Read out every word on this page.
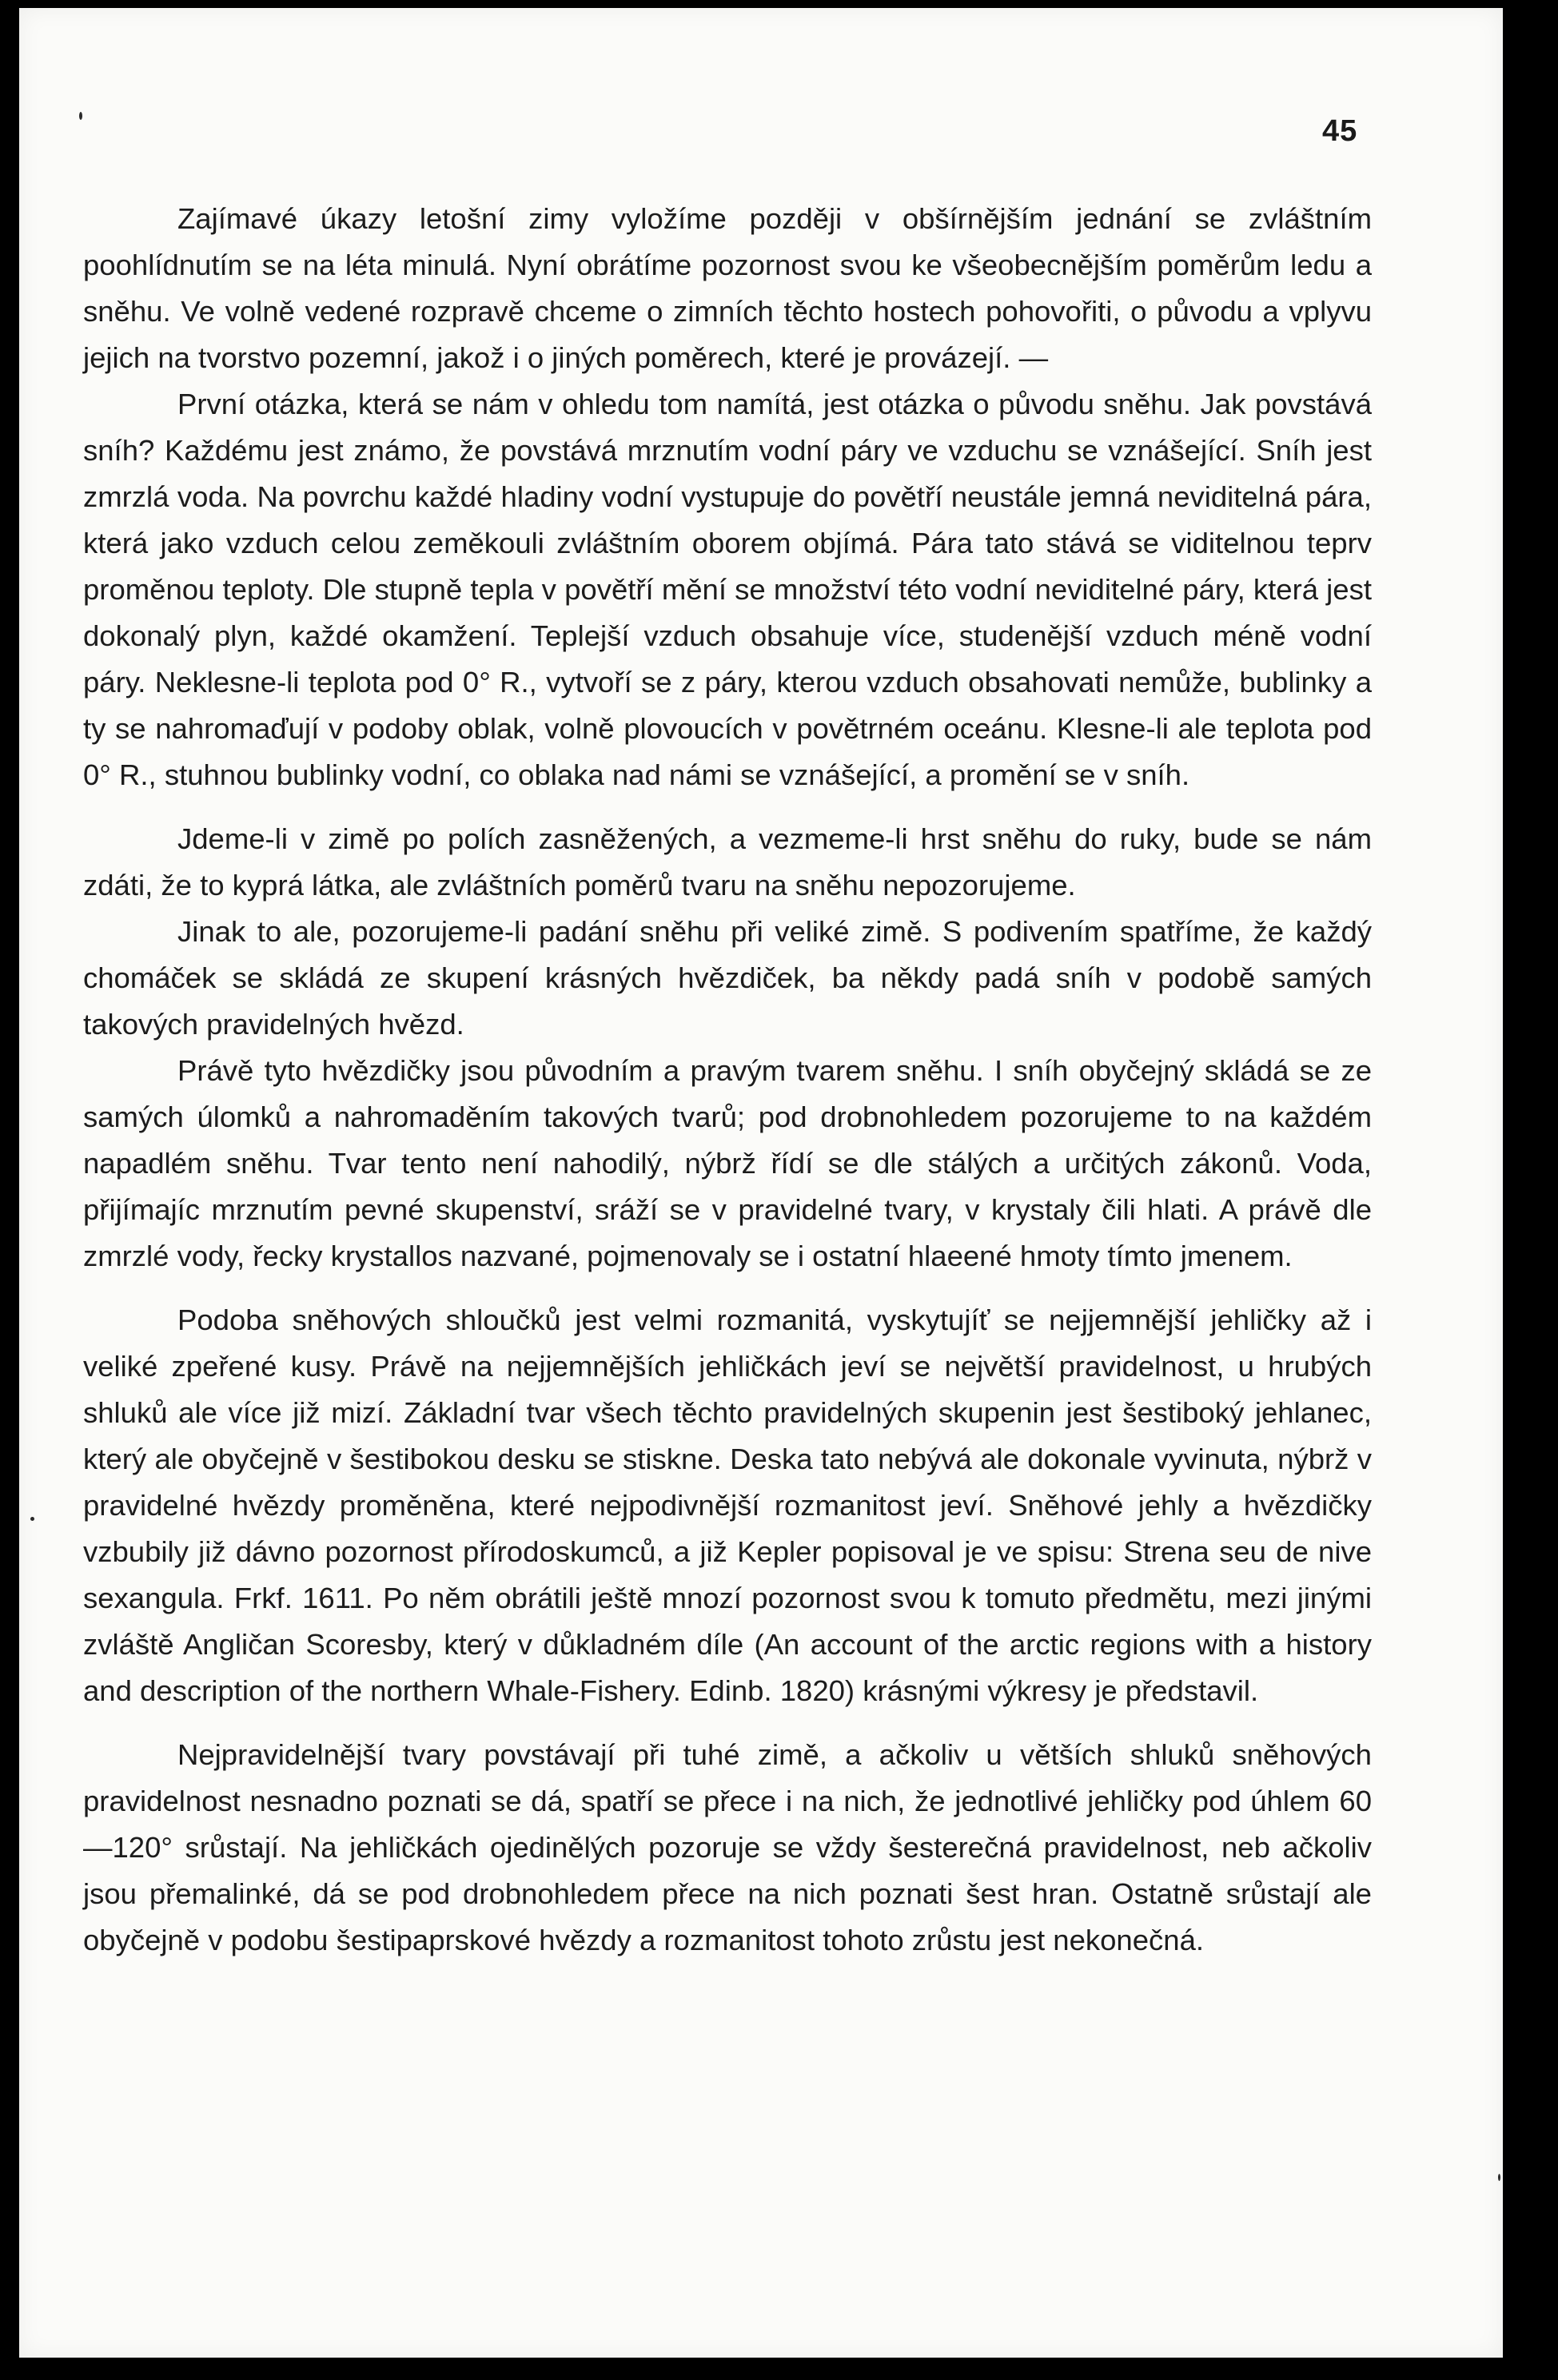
45

Zajímavé úkazy letošní zimy vyložíme později v obšírnějším jednání se zvláštním poohlídnutím se na léta minulá. Nyní obrátíme pozornost svou ke všeobecnějším poměrům ledu a sněhu. Ve volně vedené rozpravě chceme o zimních těchto hostech pohovořiti, o původu a vplyvu jejich na tvorstvo pozemní, jakož i o jiných poměrech, které je provázejí. —

První otázka, která se nám v ohledu tom namítá, jest otázka o původu sněhu. Jak povstává sníh? Každému jest známo, že povstává mrznutím vodní páry ve vzduchu se vznášející. Sníh jest zmrzlá voda. Na povrchu každé hladiny vodní vystupuje do povětří neustále jemná neviditelná pára, která jako vzduch celou zeměkouli zvláštním oborem objímá. Pára tato stává se viditelnou teprv proměnou teploty. Dle stupně tepla v povětří mění se množství této vodní neviditelné páry, která jest dokonalý plyn, každé okamžení. Teplejší vzduch obsahuje více, studenější vzduch méně vodní páry. Neklesne-li teplota pod 0° R., vytvoří se z páry, kterou vzduch obsahovati nemůže, bublinky a ty se nahromaďují v podoby oblak, volně plovoucích v povětrném oceánu. Klesne-li ale teplota pod 0° R., stuhnou bublinky vodní, co oblaka nad námi se vznášející, a promění se v sníh.

Jdeme-li v zimě po polích zasněžených, a vezmeme-li hrst sněhu do ruky, bude se nám zdáti, že to kyprá látka, ale zvláštních poměrů tvaru na sněhu nepozorujeme.

Jinak to ale, pozorujeme-li padání sněhu při veliké zimě. S podivením spatříme, že každý chomáček se skládá ze skupení krásných hvězdiček, ba někdy padá sníh v podobě samých takových pravidelných hvězd.

Právě tyto hvězdičky jsou původním a pravým tvarem sněhu. I sníh obyčejný skládá se ze samých úlomků a nahromaděním takových tvarů; pod drobnohledem pozorujeme to na každém napadlém sněhu. Tvar tento není nahodilý, nýbrž řídí se dle stálých a určitých zákonů. Voda, přijímajíc mrznutím pevné skupenství, sráží se v pravidelné tvary, v krystaly čili hlati. A právě dle zmrzlé vody, řecky krystallos nazvané, pojmenovaly se i ostatní hlaeené hmoty tímto jmenem.

Podoba sněhových shloučků jest velmi rozmanitá, vyskytujíť se nejjemnější jehličky až i veliké zpeřené kusy. Právě na nejjemnějších jehličkách jeví se největší pravidelnost, u hrubých shluků ale více již mizí. Základní tvar všech těchto pravidelných skupenin jest šestiboký jehlanec, který ale obyčejně v šestibokou desku se stiskne. Deska tato nebývá ale dokonale vyvinuta, nýbrž v pravidelné hvězdy proměněna, které nejpodivnější rozmanitost jeví. Sněhové jehly a hvězdičky vzbubily již dávno pozornost přírodoskumců, a již Kepler popisoval je ve spisu: Strena seu de nive sexangula. Frkf. 1611. Po něm obrátili ještě mnozí pozornost svou k tomuto předmětu, mezi jinými zvláště Angličan Scoresby, který v důkladném díle (An account of the arctic regions with a history and description of the northern Whale-Fishery. Edinb. 1820) krásnými výkresy je představil.

Nejpravidelnější tvary povstávají při tuhé zimě, a ačkoliv u větších shluků sněhových pravidelnost nesnadno poznati se dá, spatří se přece i na nich, že jednotlivé jehličky pod úhlem 60—120° srůstají. Na jehličkách ojedinělých pozoruje se vždy šesterečná pravidelnost, neb ačkoliv jsou přemalinké, dá se pod drobnohledem přece na nich poznati šest hran. Ostatně srůstají ale obyčejně v podobu šestipaprskové hvězdy a rozmanitost tohoto zrůstu jest nekonečná.
